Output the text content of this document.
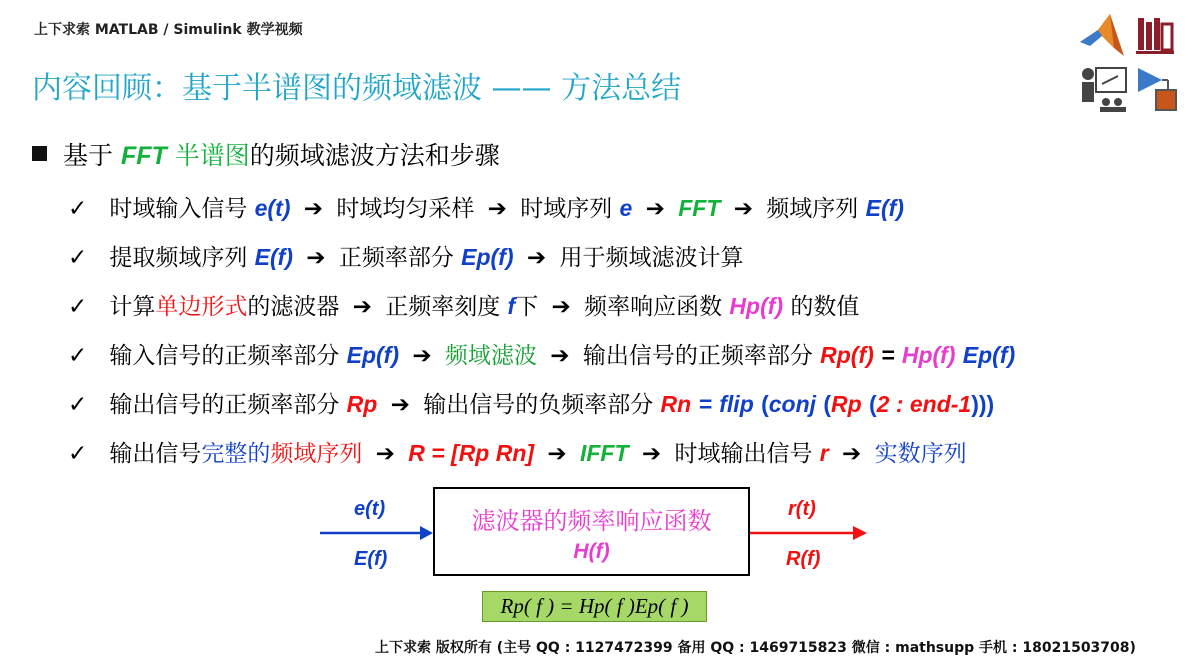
上下求索 MATLAB / Simulink 教学视频
内容回顾：基于半谱图的频域滤波 —— 方法总结
基于 FFT 半谱图的频域滤波方法和步骤
✓ 时域输入信号 e(t) ➔ 时域均匀采样 ➔ 时域序列 e ➔ FFT ➔ 频域序列 E(f)
✓ 提取频域序列 E(f) ➔ 正频率部分 Ep(f) ➔ 用于频域滤波计算
✓ 计算单边形式的滤波器 ➔ 正频率刻度 f下 ➔ 频率响应函数 Hp(f) 的数值
✓ 输入信号的正频率部分 Ep(f) ➔ 频域滤波 ➔ 输出信号的正频率部分 Rp(f) = Hp(f) Ep(f)
✓ 输出信号的正频率部分 Rp ➔ 输出信号的负频率部分 Rn = flip (conj (Rp (2 : end-1)))
✓ 输出信号完整的频域序列 ➔ R = [Rp Rn] ➔ IFFT ➔ 时域输出信号 r ➔ 实数序列
e(t)
E(f)
滤波器的频率响应函数
H(f)
r(t)
R(f)
Rp( f ) = Hp( f )Ep( f )
上下求索 版权所有 (主号 QQ : 1127472399 备用 QQ : 1469715823 微信 : mathsupp 手机 : 18021503708)
